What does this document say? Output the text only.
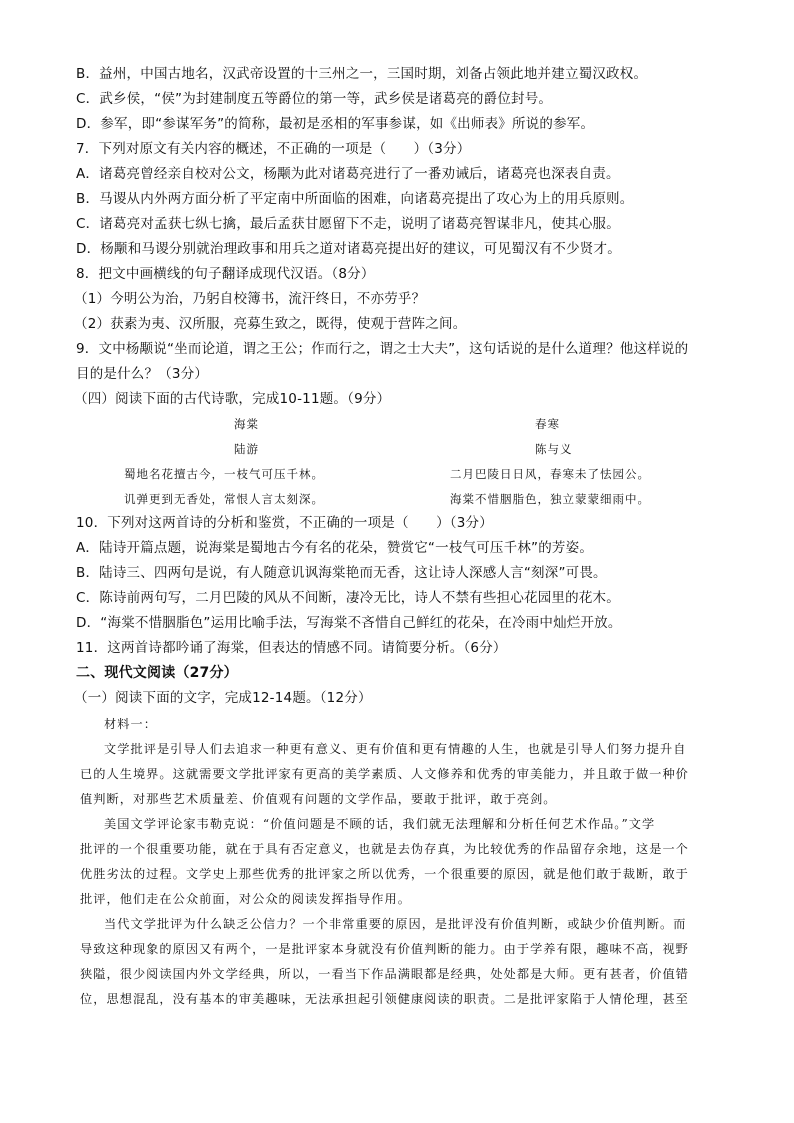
B．益州，中国古地名，汉武帝设置的十三州之一，三国时期，刘备占领此地并建立蜀汉政权。
C．武乡侯，“侯”为封建制度五等爵位的第一等，武乡侯是诸葛亮的爵位封号。
D．参军，即“参谋军务”的简称，最初是丞相的军事参谋，如《出师表》所说的参军。
7．下列对原文有关内容的概述，不正确的一项是（　　）（3分）
A．诸葛亮曾经亲自校对公文，杨颙为此对诸葛亮进行了一番劝诫后，诸葛亮也深表自责。
B．马谡从内外两方面分析了平定南中所面临的困难，向诸葛亮提出了攻心为上的用兵原则。
C．诸葛亮对孟获七纵七擒，最后孟获甘愿留下不走，说明了诸葛亮智谋非凡，使其心服。
D．杨颙和马谡分别就治理政事和用兵之道对诸葛亮提出好的建议，可见蜀汉有不少贤才。
8．把文中画横线的句子翻译成现代汉语。（8分）
（1）今明公为治，乃躬自校簿书，流汗终日，不亦劳乎？
（2）获素为夷、汉所服，亮募生致之，既得，使观于营阵之间。
9．文中杨颙说“坐而论道，谓之王公；作而行之，谓之士大夫”，这句话说的是什么道理？他这样说的
目的是什么？（3分）
（四）阅读下面的古代诗歌，完成10-11题。（9分）
海棠
陆游
蜀地名花擅古今，一枝气可压千林。
讥弹更到无香处，常恨人言太刻深。
春寒
陈与义
二月巴陵日日风，春寒未了怯园公。
海棠不惜胭脂色，独立蒙蒙细雨中。
10．下列对这两首诗的分析和鉴赏，不正确的一项是（　　）（3分）
A．陆诗开篇点题，说海棠是蜀地古今有名的花朵，赞赏它“一枝气可压千林”的芳姿。
B．陆诗三、四两句是说，有人随意讥讽海棠艳而无香，这让诗人深感人言“刻深”可畏。
C．陈诗前两句写，二月巴陵的风从不间断，凄冷无比，诗人不禁有些担心花园里的花木。
D．“海棠不惜胭脂色”运用比喻手法，写海棠不吝惜自己鲜红的花朵，在冷雨中灿烂开放。
11．这两首诗都吟诵了海棠，但表达的情感不同。请简要分析。（6分）
二、现代文阅读（27分）
（一）阅读下面的文字，完成12-14题。（12分）
材料一：
文学批评是引导人们去追求一种更有意义、更有价值和更有情趣的人生，也就是引导人们努力提升自
已的人生境界。这就需要文学批评家有更高的美学素质、人文修养和优秀的审美能力，并且敢于做一种价
值判断，对那些艺术质量差、价值观有问题的文学作品，要敢于批评，敢于亮剑。
美国文学评论家韦勒克说：“价值问题是不顾的话，我们就无法理解和分析任何艺术作品。”文学
批评的一个很重要功能，就在于具有否定意义，也就是去伪存真，为比较优秀的作品留存余地，这是一个
优胜劣汰的过程。文学史上那些优秀的批评家之所以优秀，一个很重要的原因，就是他们敢于裁断，敢于
批评，他们走在公众前面，对公众的阅读发挥指导作用。
当代文学批评为什么缺乏公信力？一个非常重要的原因，是批评没有价值判断，或缺少价值判断。而
导致这种现象的原因又有两个，一是批评家本身就没有价值判断的能力。由于学养有限，趣味不高，视野
狭隘，很少阅读国内外文学经典，所以，一看当下作品满眼都是经典，处处都是大师。更有甚者，价值错
位，思想混乱，没有基本的审美趣味，无法承担起引领健康阅读的职责。二是批评家陷于人情伦理，甚至
